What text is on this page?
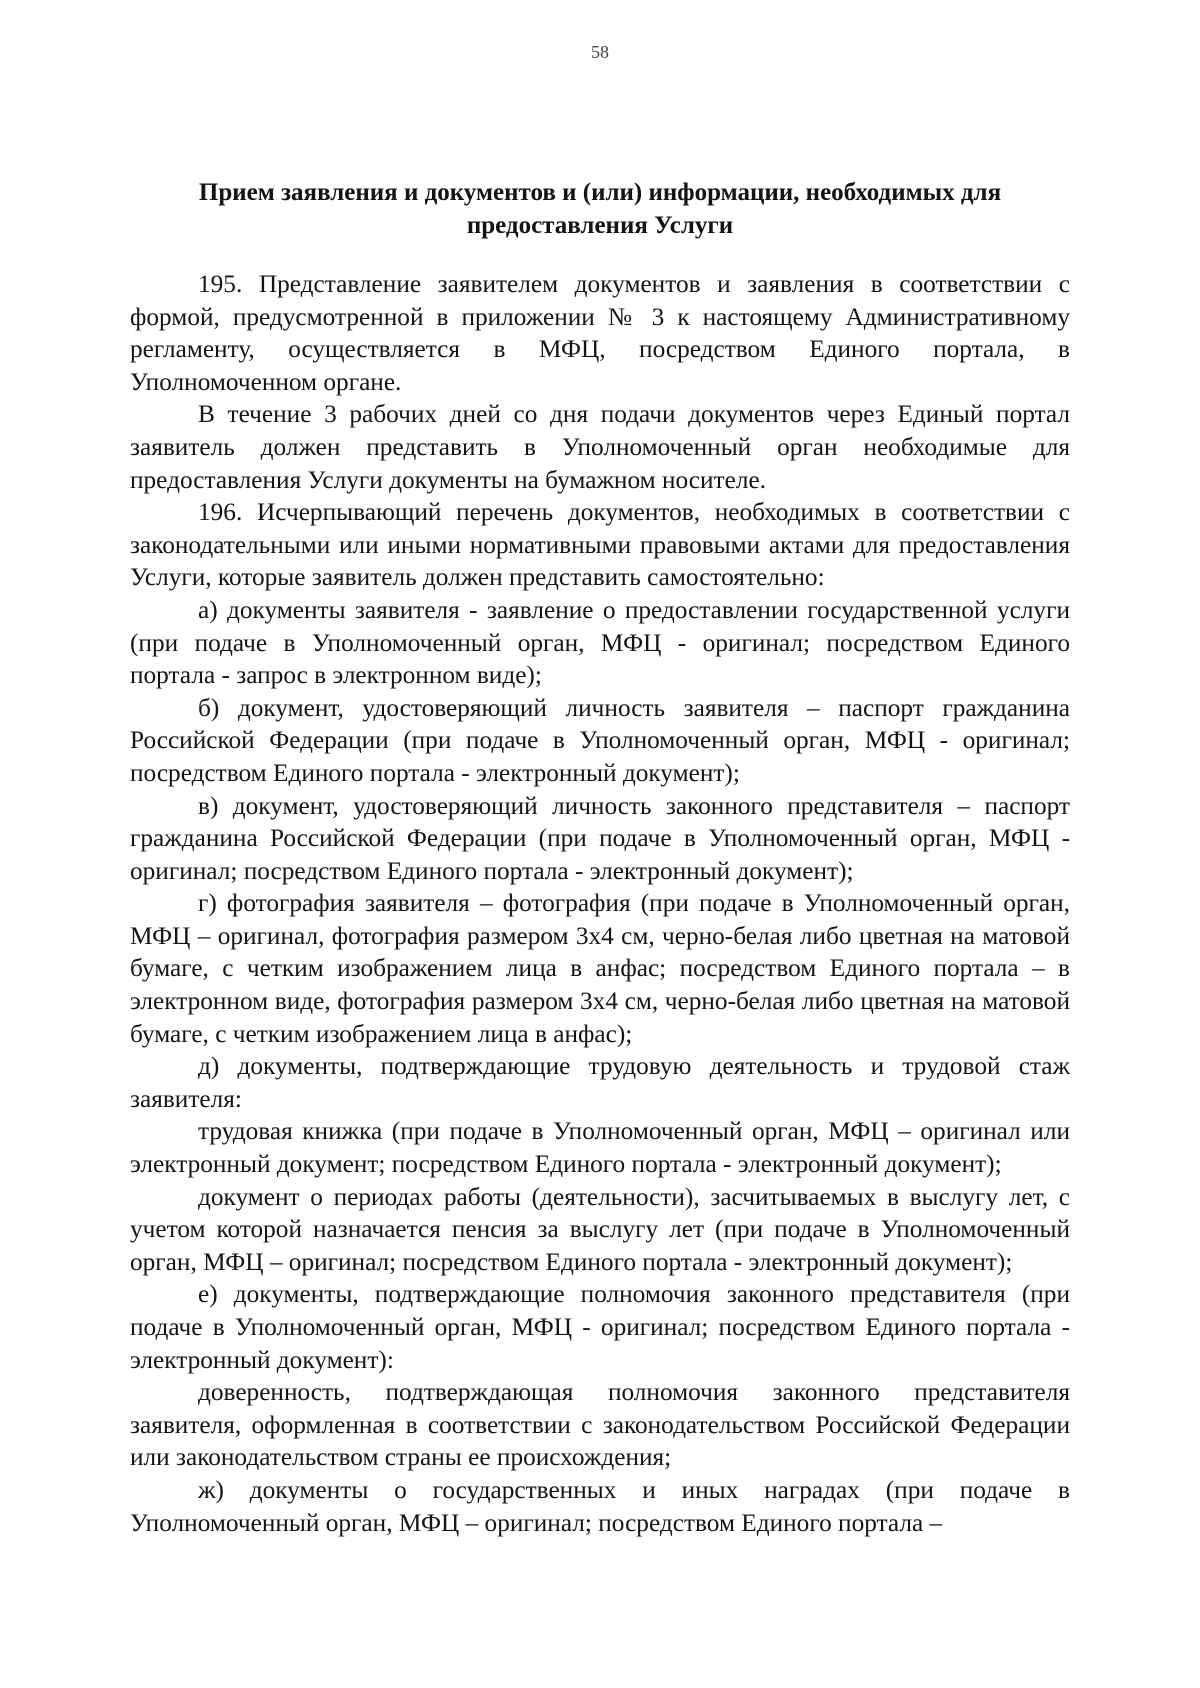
58
Прием заявления и документов и (или) информации, необходимых для
предоставления Услуги

195. Представление заявителем документов и заявления в соответствии с формой, предусмотренной в приложении № 3 к настоящему Административному регламенту, осуществляется в МФЦ, посредством Единого портала, в Уполномоченном органе.

В течение 3 рабочих дней со дня подачи документов через Единый портал заявитель должен представить в Уполномоченный орган необходимые для предоставления Услуги документы на бумажном носителе.

196. Исчерпывающий перечень документов, необходимых в соответствии с законодательными или иными нормативными правовыми актами для предоставления Услуги, которые заявитель должен представить самостоятельно:

а) документы заявителя - заявление о предоставлении государственной услуги (при подаче в Уполномоченный орган, МФЦ - оригинал; посредством Единого портала - запрос в электронном виде);

б) документ, удостоверяющий личность заявителя – паспорт гражданина Российской Федерации (при подаче в Уполномоченный орган, МФЦ - оригинал; посредством Единого портала - электронный документ);

в) документ, удостоверяющий личность законного представителя – паспорт гражданина Российской Федерации (при подаче в Уполномоченный орган, МФЦ - оригинал; посредством Единого портала - электронный документ);

г) фотография заявителя – фотография (при подаче в Уполномоченный орган, МФЦ – оригинал, фотография размером 3х4 см, черно-белая либо цветная на матовой бумаге, с четким изображением лица в анфас; посредством Единого портала – в электронном виде, фотография размером 3х4 см, черно-белая либо цветная на матовой бумаге, с четким изображением лица в анфас);

д) документы, подтверждающие трудовую деятельность и трудовой стаж заявителя:

трудовая книжка (при подаче в Уполномоченный орган, МФЦ – оригинал или электронный документ; посредством Единого портала - электронный документ);

документ о периодах работы (деятельности), засчитываемых в выслугу лет, с учетом которой назначается пенсия за выслугу лет (при подаче в Уполномоченный орган, МФЦ – оригинал; посредством Единого портала - электронный документ);

е) документы, подтверждающие полномочия законного представителя (при подаче в Уполномоченный орган, МФЦ - оригинал; посредством Единого портала - электронный документ):

доверенность, подтверждающая полномочия законного представителя заявителя, оформленная в соответствии с законодательством Российской Федерации или законодательством страны ее происхождения;

ж) документы о государственных и иных наградах (при подаче в Уполномоченный орган, МФЦ – оригинал; посредством Единого портала –
